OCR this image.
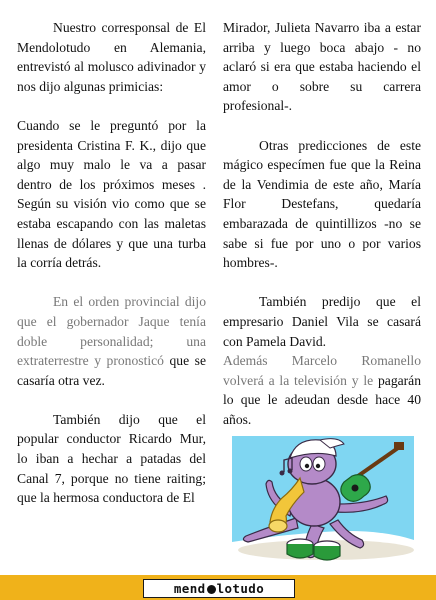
Nuestro corresponsal de El Mendolotudo en Alemania, entrevistó al molusco adivinador y nos dijo algunas primicias:

Cuando se le preguntó por la presidenta Cristina F. K., dijo que algo muy malo le va a pasar dentro de los próximos meses . Según su visión vio como que se estaba escapando con las maletas llenas de dólares y que una turba la corría detrás.

En el orden provincial dijo que el gobernador Jaque tenía doble personalidad; una extraterrestre y pronosticó que se casaría otra vez.

También dijo que el popular conductor Ricardo Mur, lo iban a hechar a patadas del Canal 7, porque no tiene raiting; que la hermosa conductora de El

Mirador, Julieta Navarro iba a estar arriba y luego boca abajo - no aclaró si era que estaba haciendo el amor o sobre su carrera profesional-.

Otras predicciones de este mágico especímen fue que la Reina de la Vendimia de este año, María Flor Destefans, quedaría embarazada de quintillizos -no se sabe si fue por uno o por varios hombres-.

También predijo que el empresario Daniel Vila se casará con Pamela David.

Además Marcelo Romanello volverá a la televisión y le pagarán lo que le adeudan desde hace 40 años.

mend lotudo
